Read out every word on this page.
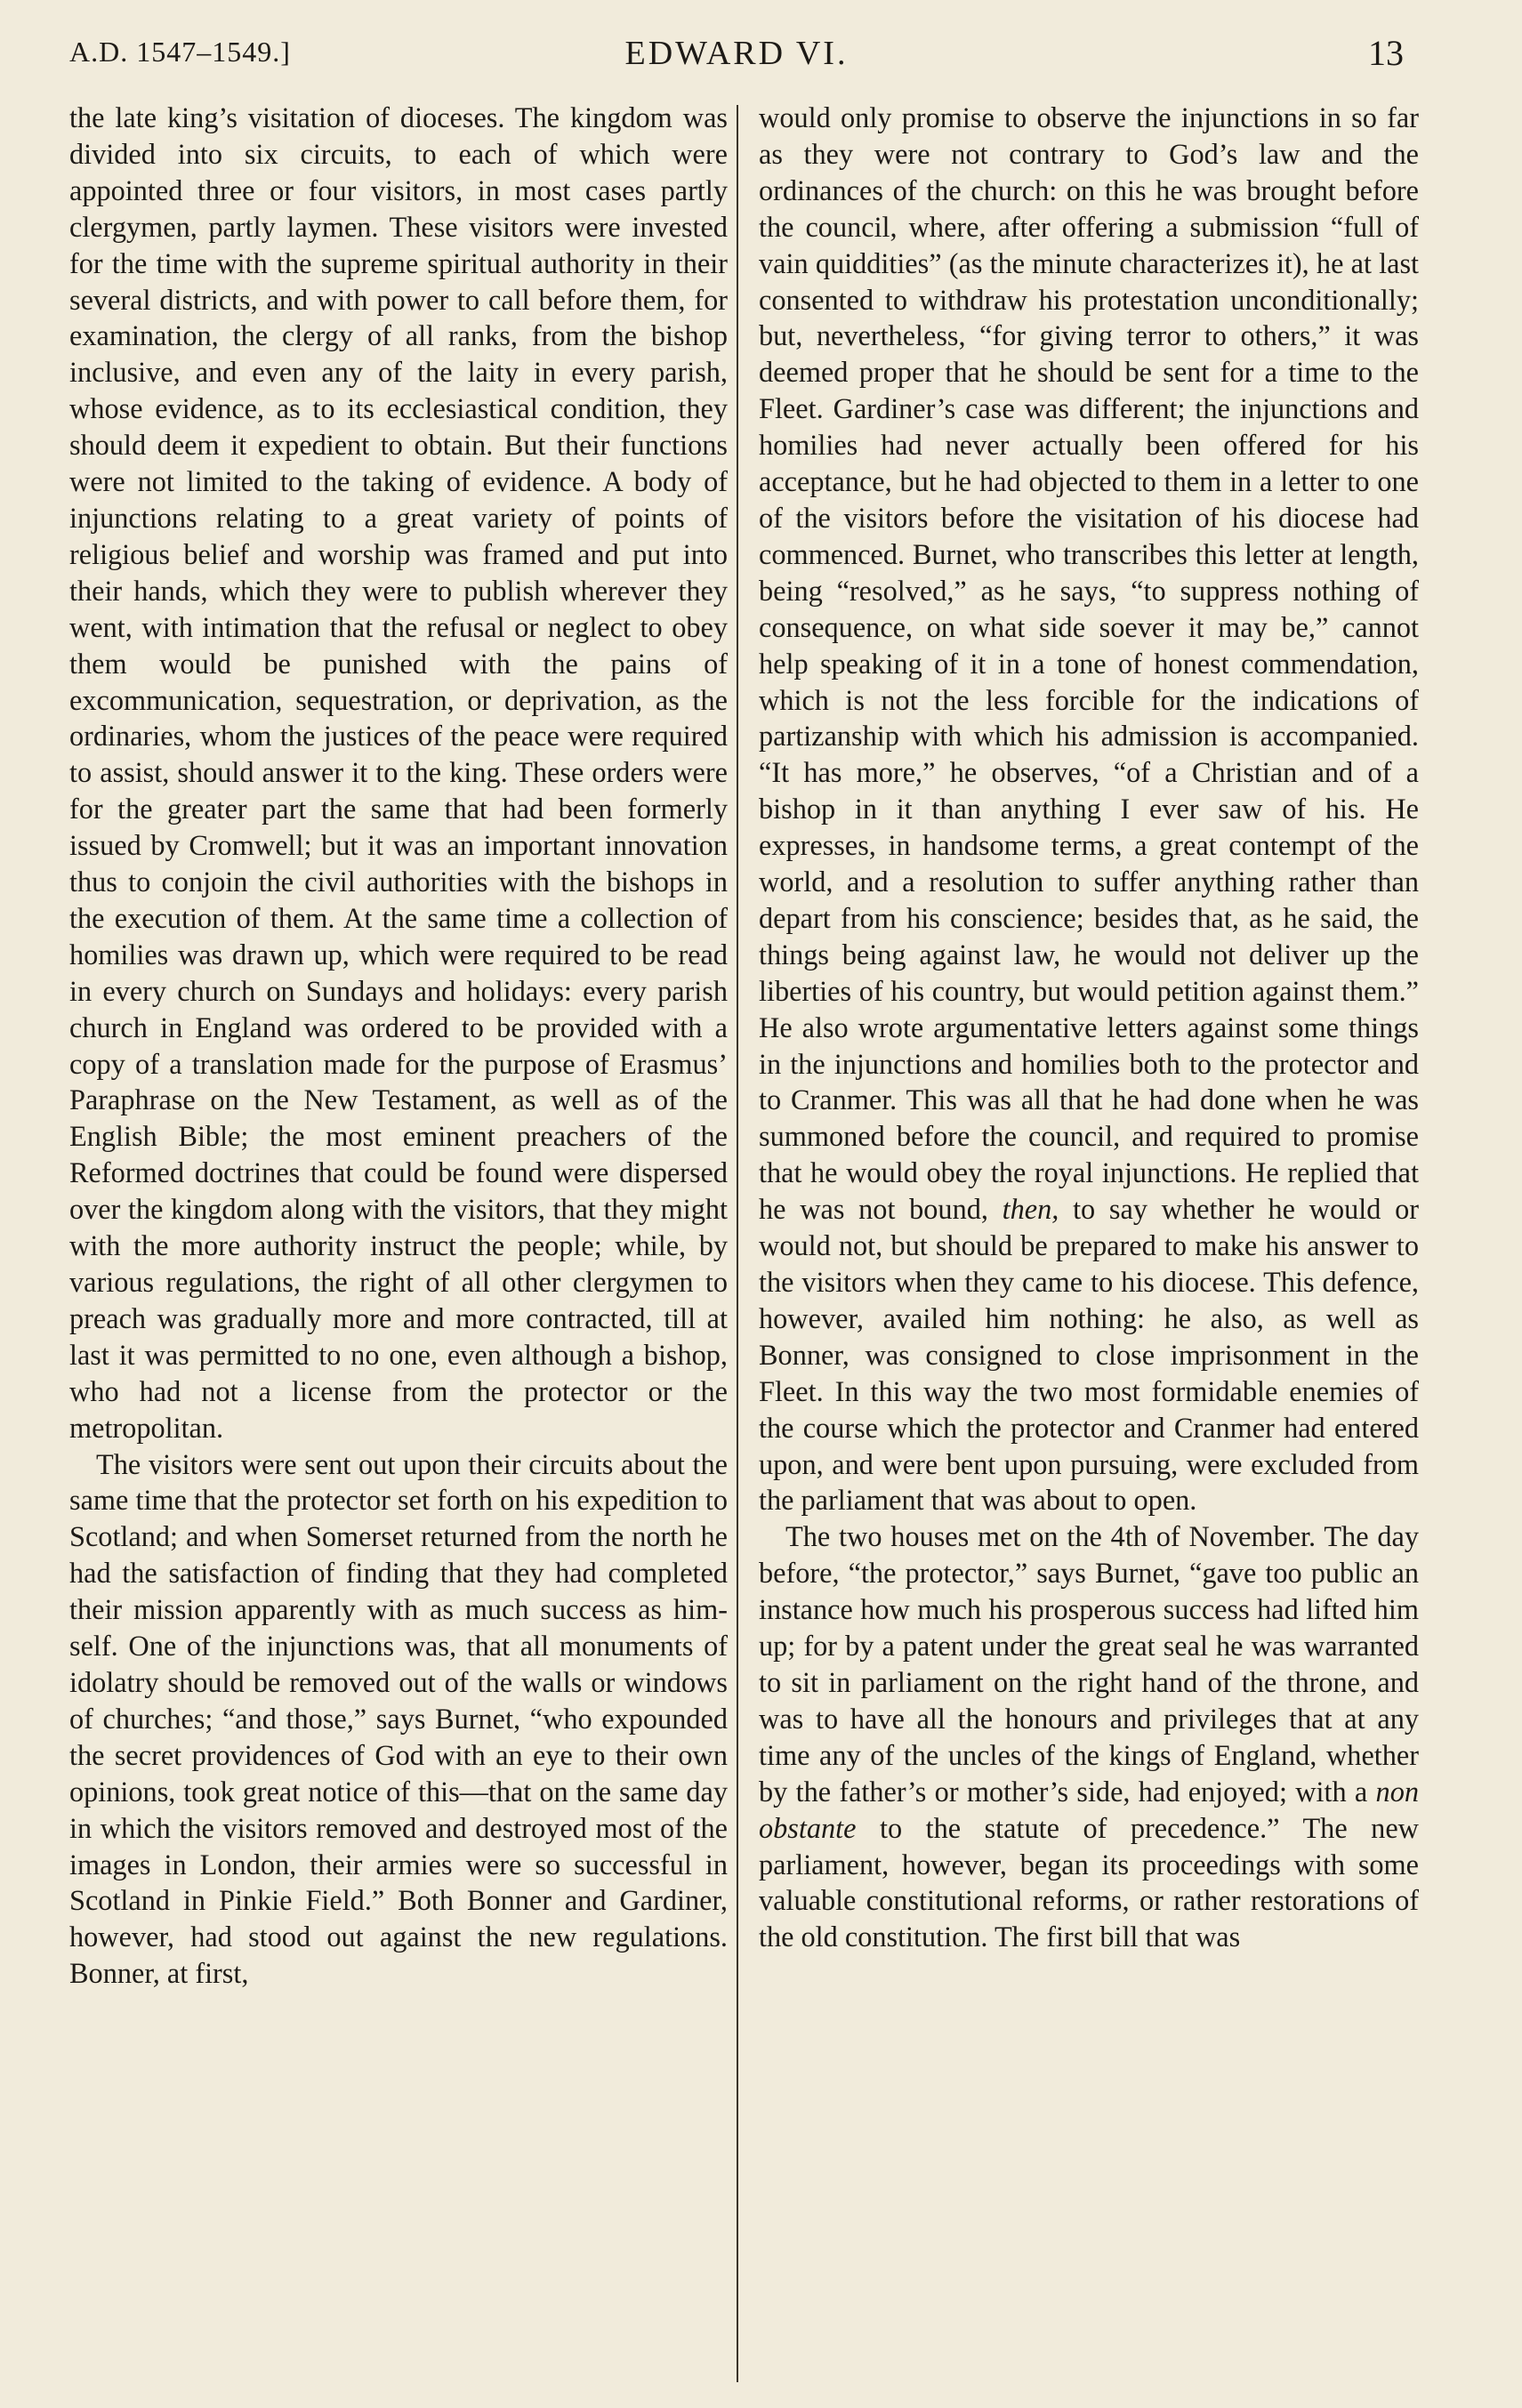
A.D. 1547–1549.]	EDWARD VI.	13

the late king’s visitation of dioceses. The kingdom was divided into six circuits, to each of which were appointed three or four visitors, in most cases partly clergymen, partly laymen. These visitors were invested for the time with the supreme spiritual authority in their several districts, and with power to call before them, for examination, the clergy of all ranks, from the bishop inclusive, and even any of the laity in every parish, whose evidence, as to its ecclesiastical condition, they should deem it expedient to obtain. But their functions were not limited to the taking of evidence. A body of injunctions relating to a great variety of points of religious belief and worship was framed and put into their hands, which they were to publish wherever they went, with intimation that the refusal or neglect to obey them would be punished with the pains of excommunication, sequestration, or deprivation, as the ordinaries, whom the justices of the peace were required to assist, should answer it to the king. These orders were for the greater part the same that had been formerly issued by Cromwell; but it was an important innovation thus to conjoin the civil authorities with the bishops in the execution of them. At the same time a collection of homilies was drawn up, which were required to be read in every church on Sundays and holidays: every parish church in England was ordered to be provided with a copy of a translation made for the purpose of Erasmus’ Paraphrase on the New Testament, as well as of the English Bible; the most eminent preachers of the Reformed doctrines that could be found were dispersed over the kingdom along with the visitors, that they might with the more authority instruct the people; while, by various regulations, the right of all other clergymen to preach was gradually more and more contracted, till at last it was permitted to no one, even although a bishop, who had not a license from the protector or the metropolitan.

The visitors were sent out upon their circuits about the same time that the protector set forth on his expedition to Scotland; and when Somerset returned from the north he had the satisfaction of finding that they had completed their mission apparently with as much success as himself. One of the injunctions was, that all monuments of idolatry should be removed out of the walls or windows of churches; “and those,” says Burnet, “who expounded the secret providences of God with an eye to their own opinions, took great notice of this—that on the same day in which the visitors removed and destroyed most of the images in London, their armies were so successful in Scotland in Pinkie Field.” Both Bonner and Gardiner, however, had stood out against the new regulations. Bonner, at first,

would only promise to observe the injunctions in so far as they were not contrary to God’s law and the ordinances of the church: on this he was brought before the council, where, after offering a submission “full of vain quiddities” (as the minute characterizes it), he at last consented to withdraw his protestation unconditionally; but, nevertheless, “for giving terror to others,” it was deemed proper that he should be sent for a time to the Fleet. Gardiner’s case was different; the injunctions and homilies had never actually been offered for his acceptance, but he had objected to them in a letter to one of the visitors before the visitation of his diocese had commenced. Burnet, who transcribes this letter at length, being “resolved,” as he says, “to suppress nothing of consequence, on what side soever it may be,” cannot help speaking of it in a tone of honest commendation, which is not the less forcible for the indications of partizanship with which his admission is accompanied. “It has more,” he observes, “of a Christian and of a bishop in it than anything I ever saw of his. He expresses, in handsome terms, a great contempt of the world, and a resolution to suffer anything rather than depart from his conscience; besides that, as he said, the things being against law, he would not deliver up the liberties of his country, but would petition against them.” He also wrote argumentative letters against some things in the injunctions and homilies both to the protector and to Cranmer. This was all that he had done when he was summoned before the council, and required to promise that he would obey the royal injunctions. He replied that he was not bound, then, to say whether he would or would not, but should be prepared to make his answer to the visitors when they came to his diocese. This defence, however, availed him nothing: he also, as well as Bonner, was consigned to close imprisonment in the Fleet. In this way the two most formidable enemies of the course which the protector and Cranmer had entered upon, and were bent upon pursuing, were excluded from the parliament that was about to open.

The two houses met on the 4th of November. The day before, “the protector,” says Burnet, “gave too public an instance how much his prosperous success had lifted him up; for by a patent under the great seal he was warranted to sit in parliament on the right hand of the throne, and was to have all the honours and privileges that at any time any of the uncles of the kings of England, whether by the father’s or mother’s side, had enjoyed; with a non obstante to the statute of precedence.” The new parliament, however, began its proceedings with some valuable constitutional reforms, or rather restorations of the old constitution. The first bill that was
